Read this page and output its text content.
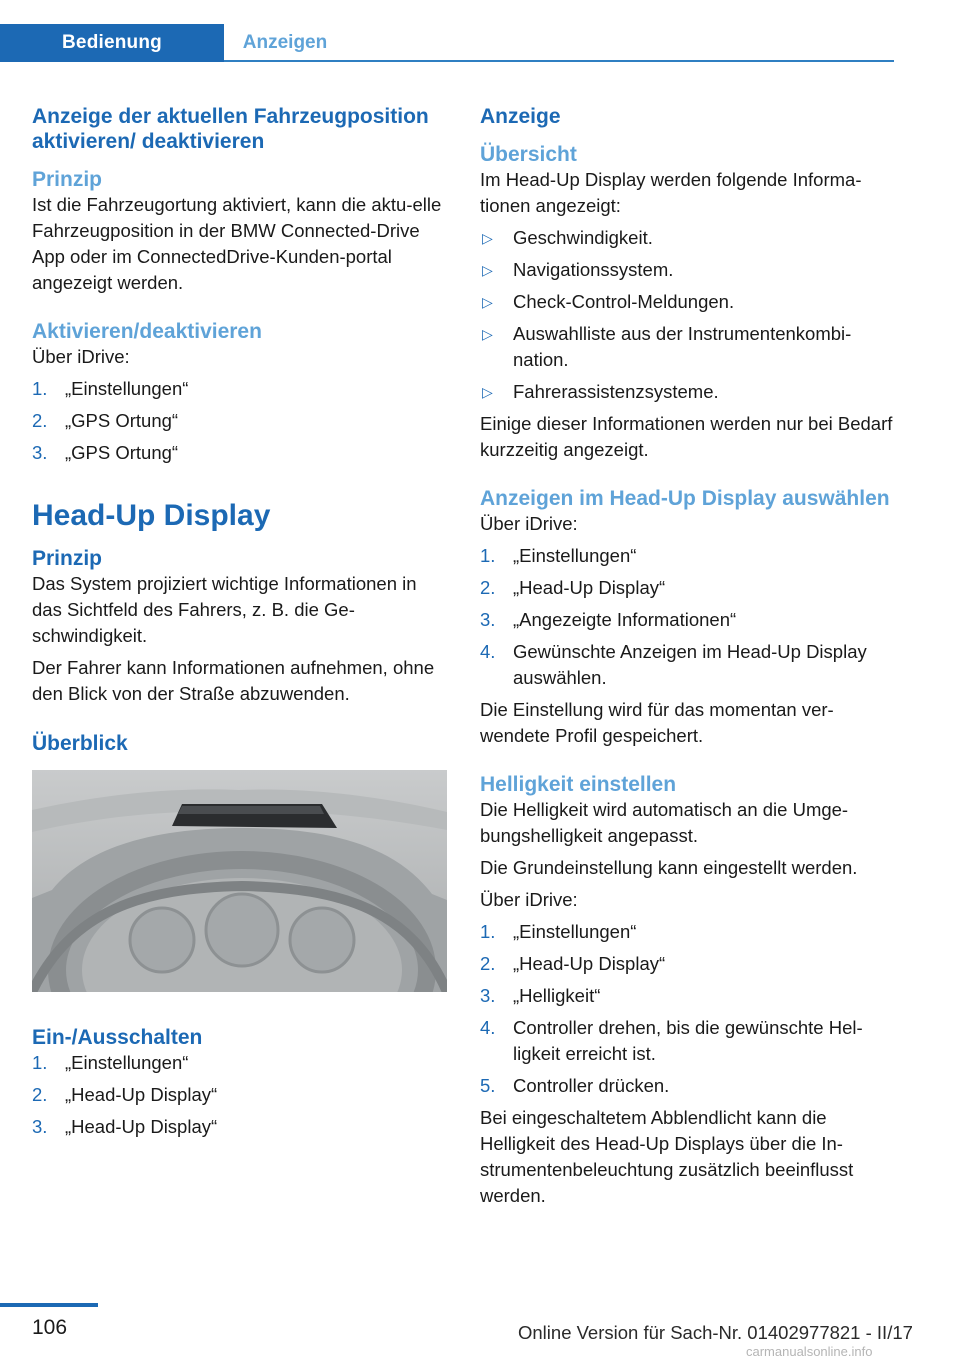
Bedienung	Anzeigen
Anzeige der aktuellen Fahrzeugposition aktivieren/ deaktivieren
Prinzip

Ist die Fahrzeugortung aktiviert, kann die aktu-elle Fahrzeugposition in der BMW Connected-Drive App oder im ConnectedDrive-Kunden-portal angezeigt werden.

Aktivieren/deaktivieren

Über iDrive:

1. „Einstellungen“
2. „GPS Ortung“
3. „GPS Ortung“
Head-Up Display
Prinzip

Das System projiziert wichtige Informationen in das Sichtfeld des Fahrers, z. B. die Ge-schwindigkeit.

Der Fahrer kann Informationen aufnehmen, ohne den Blick von der Straße abzuwenden.

Überblick
Ein-/Ausschalten
1. „Einstellungen“
2. „Head-Up Display“
3. „Head-Up Display“
Anzeige
Übersicht

Im Head-Up Display werden folgende Informa-tionen angezeigt:

▷ Geschwindigkeit.
▷ Navigationssystem.
▷ Check-Control-Meldungen.
▷ Auswahlliste aus der Instrumentenkombi-nation.
▷ Fahrerassistenzsysteme.

Einige dieser Informationen werden nur bei Bedarf kurzzeitig angezeigt.

Anzeigen im Head-Up Display auswählen

Über iDrive:

1. „Einstellungen“
2. „Head-Up Display“
3. „Angezeigte Informationen“
4. Gewünschte Anzeigen im Head-Up Display auswählen.

Die Einstellung wird für das momentan ver-wendete Profil gespeichert.

Helligkeit einstellen

Die Helligkeit wird automatisch an die Umge-bungshelligkeit angepasst.

Die Grundeinstellung kann eingestellt werden.

Über iDrive:

1. „Einstellungen“
2. „Head-Up Display“
3. „Helligkeit“
4. Controller drehen, bis die gewünschte Hel-ligkeit erreicht ist.
5. Controller drücken.

Bei eingeschaltetem Abblendlicht kann die Helligkeit des Head-Up Displays über die In-strumentenbeleuchtung zusätzlich beeinflusst werden.

106	Online Version für Sach-Nr. 01402977821 - II/17
carmanualsonline.info
